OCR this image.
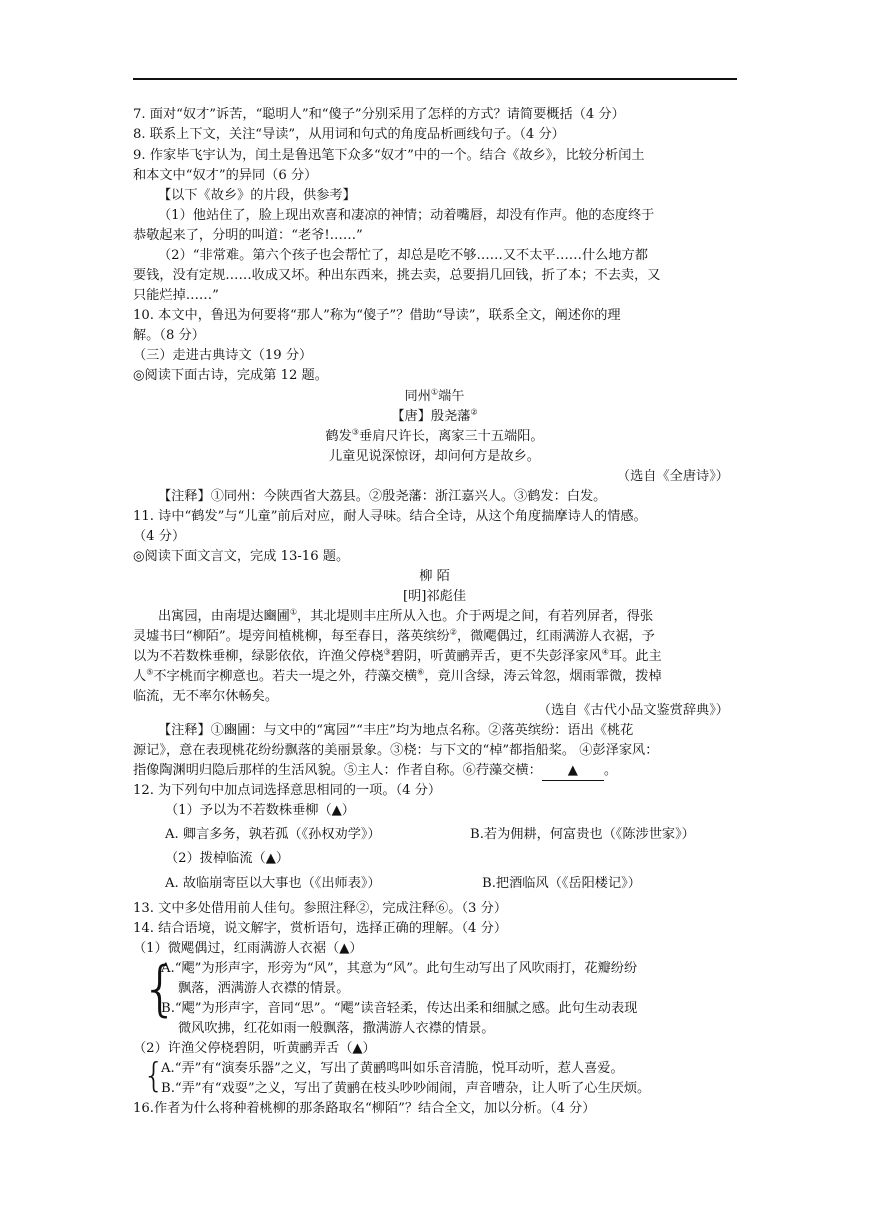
7. 面对“奴才”诉苦，“聪明人”和“傻子”分别采用了怎样的方式？请简要概括（4 分）
8. 联系上下文，关注“导读”，从用词和句式的角度品析画线句子。（4 分）
9. 作家毕飞宇认为，闰土是鲁迅笔下众多“奴才”中的一个。结合《故乡》，比较分析闰土
和本文中“奴才”的异同（6 分）
【以下《故乡》的片段，供参考】
（1）他站住了，脸上现出欢喜和凄凉的神情；动着嘴唇，却没有作声。他的态度终于
恭敬起来了，分明的叫道：“老爷!……”
（2）“非常难。第六个孩子也会帮忙了，却总是吃不够……又不太平……什么地方都
要钱，没有定规……收成又坏。种出东西来，挑去卖，总要捐几回钱，折了本；不去卖，又
只能烂掉……”
10. 本文中，鲁迅为何要将“那人”称为“傻子”？借助“导读”，联系全文，阐述你的理
解。（8 分）
（三）走进古典诗文（19 分）
◎阅读下面古诗，完成第 12 题。
同州①端午
【唐】殷尧藩②
鹤发③垂肩尺许长，离家三十五端阳。
儿童见说深惊讶，却问何方是故乡。
（选自《全唐诗》）
【注释】①同州：今陕西省大荔县。②殷尧藩：浙江嘉兴人。③鹤发：白发。
11. 诗中“鹤发”与“儿童”前后对应，耐人寻味。结合全诗，从这个角度揣摩诗人的情感。
（4 分）
◎阅读下面文言文，完成 13-16 题。
柳 陌
[明]祁彪佳
出寓园，由南堤达豳圃①，其北堤则丰庄所从入也。介于两堤之间，有若列屏者，得张
灵墟书曰“柳陌”。堤旁间植桃柳，每至春日，落英缤纷②，微飔偶过，红雨满游人衣裾，予
以为不若数株垂柳，绿影依依，许渔父停桡③碧阴，听黄鹂弄舌，更不失彭泽家风④耳。此主
人⑤不字桃而字柳意也。若夫一堤之外，荇藻交横⑥，竟川含绿，涛云耸忽，烟雨霏微，拨棹
临流，无不率尔休畅矣。
（选自《古代小品文鉴赏辞典》）
【注释】①豳圃：与文中的“寓园”“丰庄”均为地点名称。②落英缤纷：语出《桃花
源记》，意在表现桃花纷纷飘落的美丽景象。③桡：与下文的“棹”都指船桨。 ④彭泽家风：
指像陶渊明归隐后那样的生活风貌。⑤主人：作者自称。⑥荇藻交横： ▲ 。
12. 为下列句中加点词选择意思相同的一项。（4 分）
（1）予以为不若数株垂柳（▲）
A. 卿言多务，孰若孤（《孙权劝学》）	B.若为佣耕，何富贵也（《陈涉世家》）
（2）拨棹临流（▲）
A. 故临崩寄臣以大事也（《出师表》）	B.把酒临风（《岳阳楼记》）
13. 文中多处借用前人佳句。参照注释②，完成注释⑥。（3 分）
14. 结合语境，说文解字，赏析语句，选择正确的理解。（4 分）
（1）微飔偶过，红雨满游人衣裾（▲）
{
A.“飔”为形声字，形旁为“风”，其意为“风”。此句生动写出了风吹雨打，花瓣纷纷
飘落，洒满游人衣襟的情景。
B.“飔”为形声字，音同“思”。“飔”读音轻柔，传达出柔和细腻之感。此句生动表现
微风吹拂，红花如雨一般飘落，撒满游人衣襟的情景。
（2）许渔父停桡碧阴，听黄鹂弄舌（▲）
{
A.“弄”有“演奏乐器”之义，写出了黄鹂鸣叫如乐音清脆，悦耳动听，惹人喜爱。
B.“弄”有“戏耍”之义，写出了黄鹂在枝头吵吵闹闹，声音嘈杂，让人听了心生厌烦。
16.作者为什么将种着桃柳的那条路取名“柳陌”？结合全文，加以分析。（4 分）
